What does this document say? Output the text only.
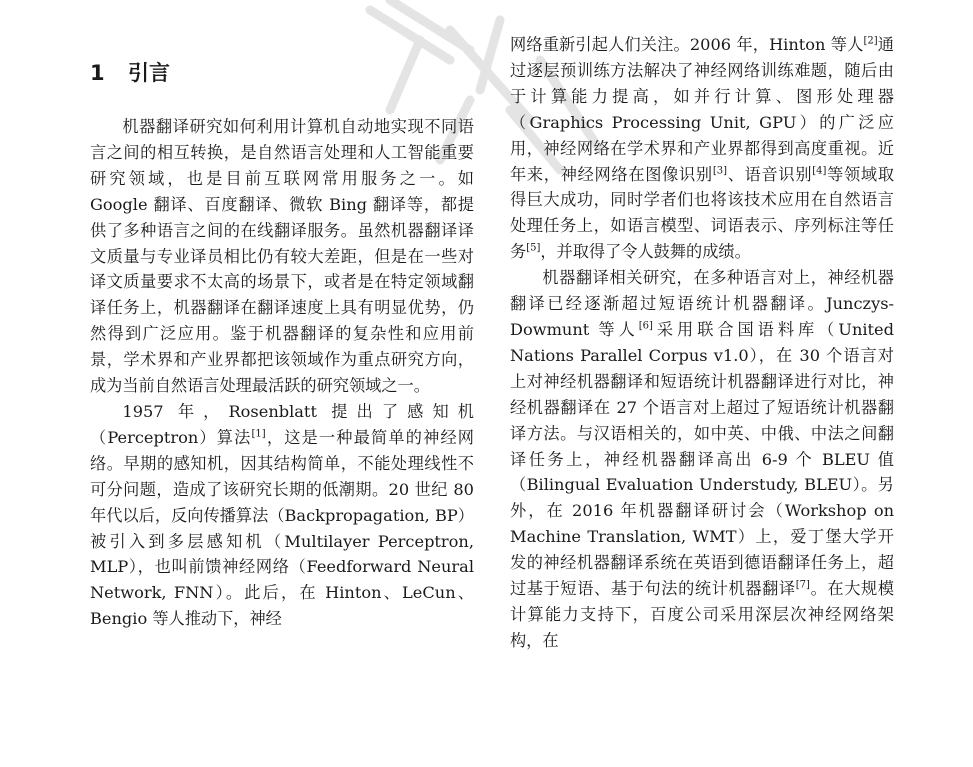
1 引言

机器翻译研究如何利用计算机自动地实现不同语言之间的相互转换，是自然语言处理和人工智能重要研究领域，也是目前互联网常用服务之一。如 Google 翻译、百度翻译、微软 Bing 翻译等，都提供了多种语言之间的在线翻译服务。虽然机器翻译译文质量与专业译员相比仍有较大差距，但是在一些对译文质量要求不太高的场景下，或者是在特定领域翻译任务上，机器翻译在翻译速度上具有明显优势，仍然得到广泛应用。鉴于机器翻译的复杂性和应用前景，学术界和产业界都把该领域作为重点研究方向，成为当前自然语言处理最活跃的研究领域之一。

1957 年，Rosenblatt 提出了感知机（Perceptron）算法[1]，这是一种最简单的神经网络。早期的感知机，因其结构简单，不能处理线性不可分问题，造成了该研究长期的低潮期。20 世纪 80 年代以后，反向传播算法（Backpropagation, BP）被引入到多层感知机（Multilayer Perceptron, MLP），也叫前馈神经网络（Feedforward Neural Network, FNN）。此后，在 Hinton、LeCun、Bengio 等人推动下，神经

网络重新引起人们关注。2006 年，Hinton 等人[2]通过逐层预训练方法解决了神经网络训练难题，随后由于计算能力提高，如并行计算、图形处理器（Graphics Processing Unit, GPU）的广泛应用，神经网络在学术界和产业界都得到高度重视。近年来，神经网络在图像识别[3]、语音识别[4]等领域取得巨大成功，同时学者们也将该技术应用在自然语言处理任务上，如语言模型、词语表示、序列标注等任务[5]，并取得了令人鼓舞的成绩。

机器翻译相关研究，在多种语言对上，神经机器翻译已经逐渐超过短语统计机器翻译。Junczys-Dowmunt 等人[6]采用联合国语料库（United Nations Parallel Corpus v1.0），在 30 个语言对上对神经机器翻译和短语统计机器翻译进行对比，神经机器翻译在 27 个语言对上超过了短语统计机器翻译方法。与汉语相关的，如中英、中俄、中法之间翻译任务上，神经机器翻译高出 6-9 个 BLEU 值（Bilingual Evaluation Understudy, BLEU）。另外，在 2016 年机器翻译研讨会（Workshop on Machine Translation, WMT）上，爱丁堡大学开发的神经机器翻译系统在英语到德语翻译任务上，超过基于短语、基于句法的统计机器翻译[7]。在大规模计算能力支持下，百度公司采用深层次神经网络架构，在
